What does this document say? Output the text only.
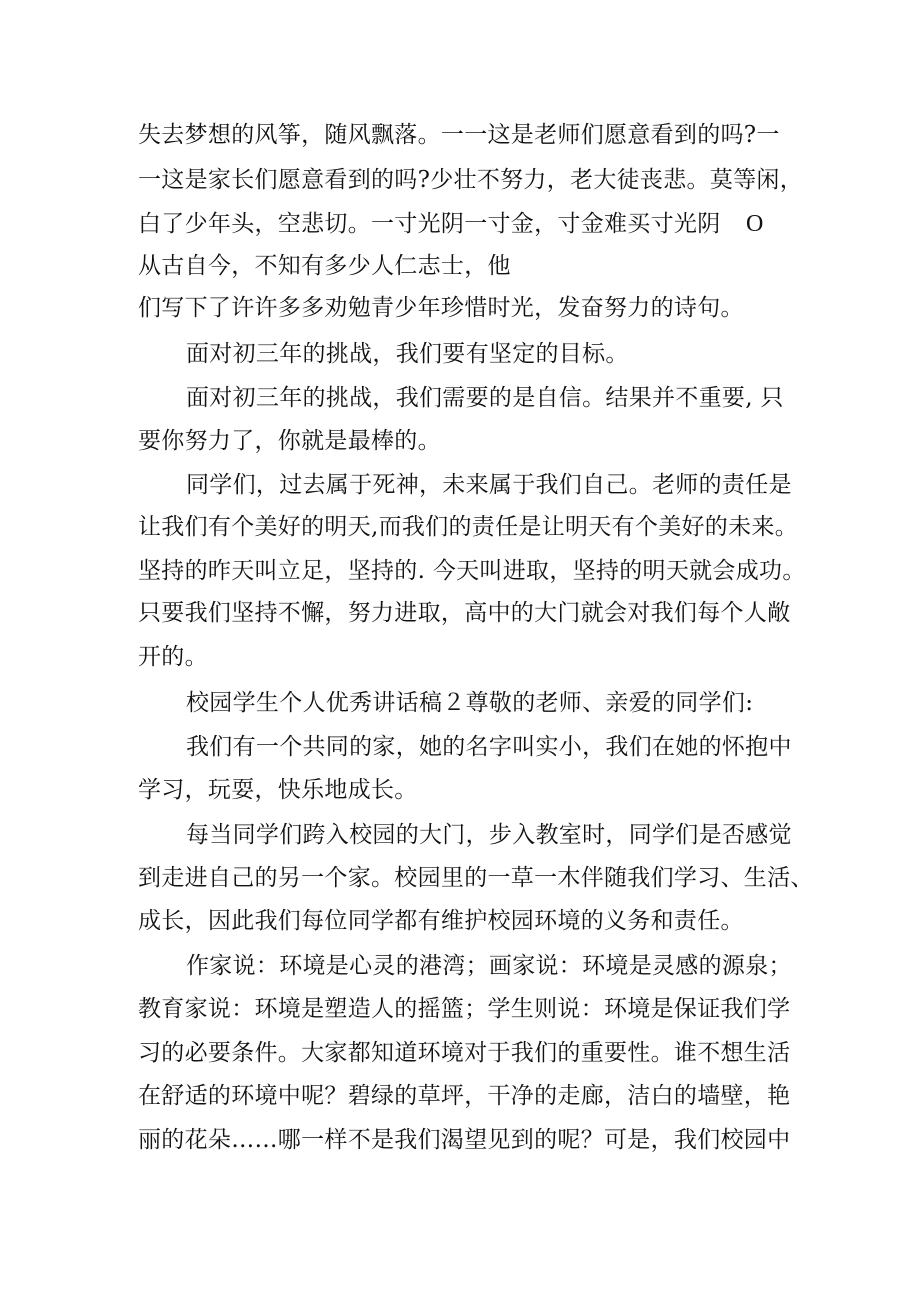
失去梦想的风筝，随风飘落。一一这是老师们愿意看到的吗?一
一这是家长们愿意看到的吗?少壮不努力，老大徒丧悲。莫等闲，
白了少年头，空悲切。一寸光阴一寸金，寸金难买寸光阴 O
从古自今，不知有多少人仁志士，他
们写下了许许多多劝勉青少年珍惜时光，发奋努力的诗句。
面对初三年的挑战，我们要有坚定的目标。
面对初三年的挑战，我们需要的是自信。结果并不重要, 只
要你努力了，你就是最棒的。
同学们，过去属于死神，未来属于我们自己。老师的责任是
让我们有个美好的明天,而我们的责任是让明天有个美好的未来。
坚持的昨天叫立足，坚持的. 今天叫进取，坚持的明天就会成功。
只要我们坚持不懈，努力进取，高中的大门就会对我们每个人敞
开的。
校园学生个人优秀讲话稿２尊敬的老师、亲爱的同学们:
我们有一个共同的家，她的名字叫实小，我们在她的怀抱中
学习，玩耍，快乐地成长。
每当同学们跨入校园的大门，步入教室时，同学们是否感觉
到走进自己的另一个家。校园里的一草一木伴随我们学习、生活、
成长，因此我们每位同学都有维护校园环境的义务和责任。
作家说：环境是心灵的港湾；画家说：环境是灵感的源泉；
教育家说：环境是塑造人的摇篮；学生则说：环境是保证我们学
习的必要条件。大家都知道环境对于我们的重要性。谁不想生活
在舒适的环境中呢？碧绿的草坪，干净的走廊，洁白的墙壁，艳
丽的花朵……哪一样不是我们渴望见到的呢？可是，我们校园中
